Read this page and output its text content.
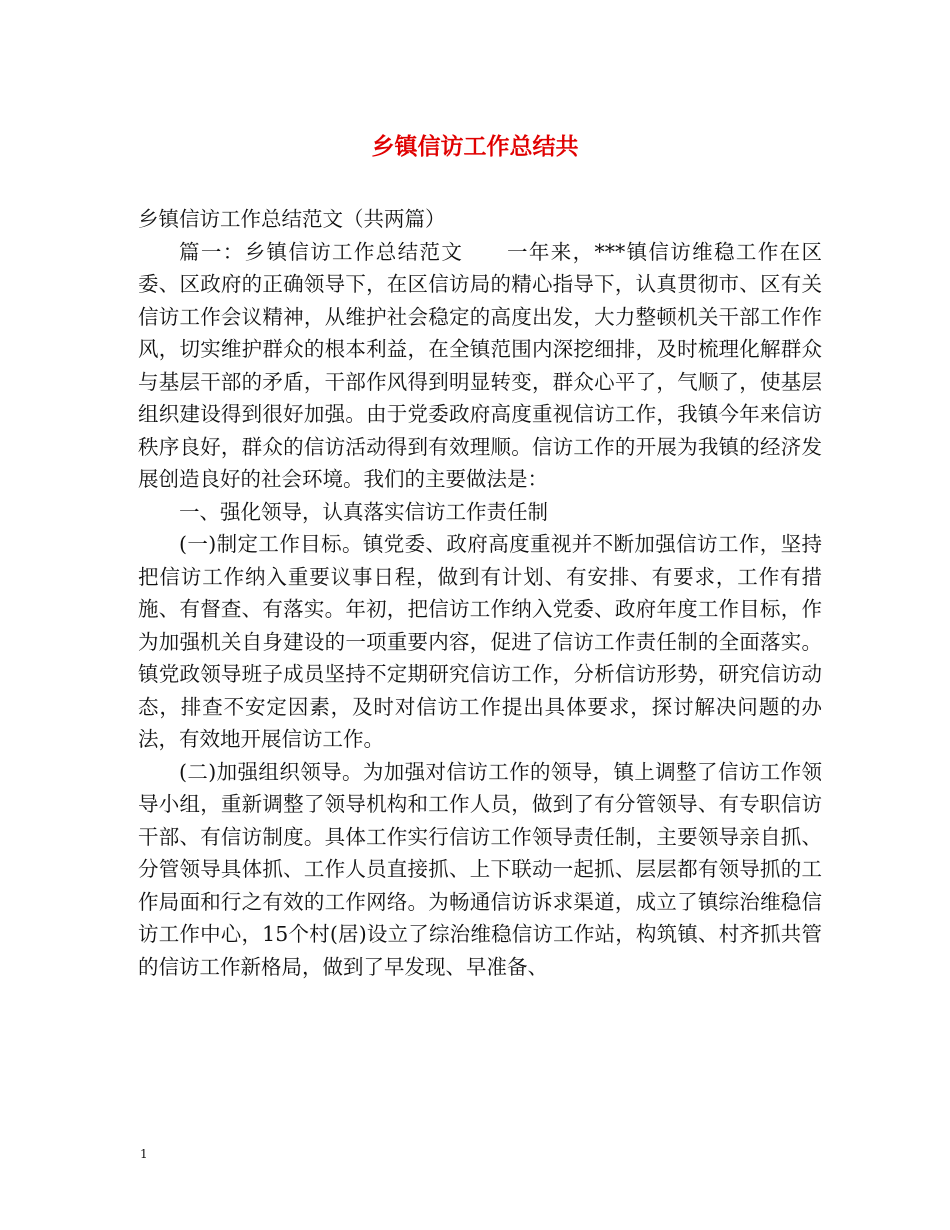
乡镇信访工作总结共

乡镇信访工作总结范文（共两篇）

篇一：乡镇信访工作总结范文　　一年来，***镇信访维稳工作在区委、区政府的正确领导下，在区信访局的精心指导下，认真贯彻市、区有关信访工作会议精神，从维护社会稳定的高度出发，大力整顿机关干部工作作风，切实维护群众的根本利益，在全镇范围内深挖细排，及时梳理化解群众与基层干部的矛盾，干部作风得到明显转变，群众心平了，气顺了，使基层组织建设得到很好加强。由于党委政府高度重视信访工作，我镇今年来信访秩序良好，群众的信访活动得到有效理顺。信访工作的开展为我镇的经济发展创造良好的社会环境。我们的主要做法是：

一、强化领导，认真落实信访工作责任制

(一)制定工作目标。镇党委、政府高度重视并不断加强信访工作，坚持把信访工作纳入重要议事日程，做到有计划、有安排、有要求，工作有措施、有督查、有落实。年初，把信访工作纳入党委、政府年度工作目标，作为加强机关自身建设的一项重要内容，促进了信访工作责任制的全面落实。镇党政领导班子成员坚持不定期研究信访工作，分析信访形势，研究信访动态，排查不安定因素，及时对信访工作提出具体要求，探讨解决问题的办法，有效地开展信访工作。

(二)加强组织领导。为加强对信访工作的领导，镇上调整了信访工作领导小组，重新调整了领导机构和工作人员，做到了有分管领导、有专职信访干部、有信访制度。具体工作实行信访工作领导责任制，主要领导亲自抓、分管领导具体抓、工作人员直接抓、上下联动一起抓、层层都有领导抓的工作局面和行之有效的工作网络。为畅通信访诉求渠道，成立了镇综治维稳信访工作中心，15个村(居)设立了综治维稳信访工作站，构筑镇、村齐抓共管的信访工作新格局，做到了早发现、早准备、

1
